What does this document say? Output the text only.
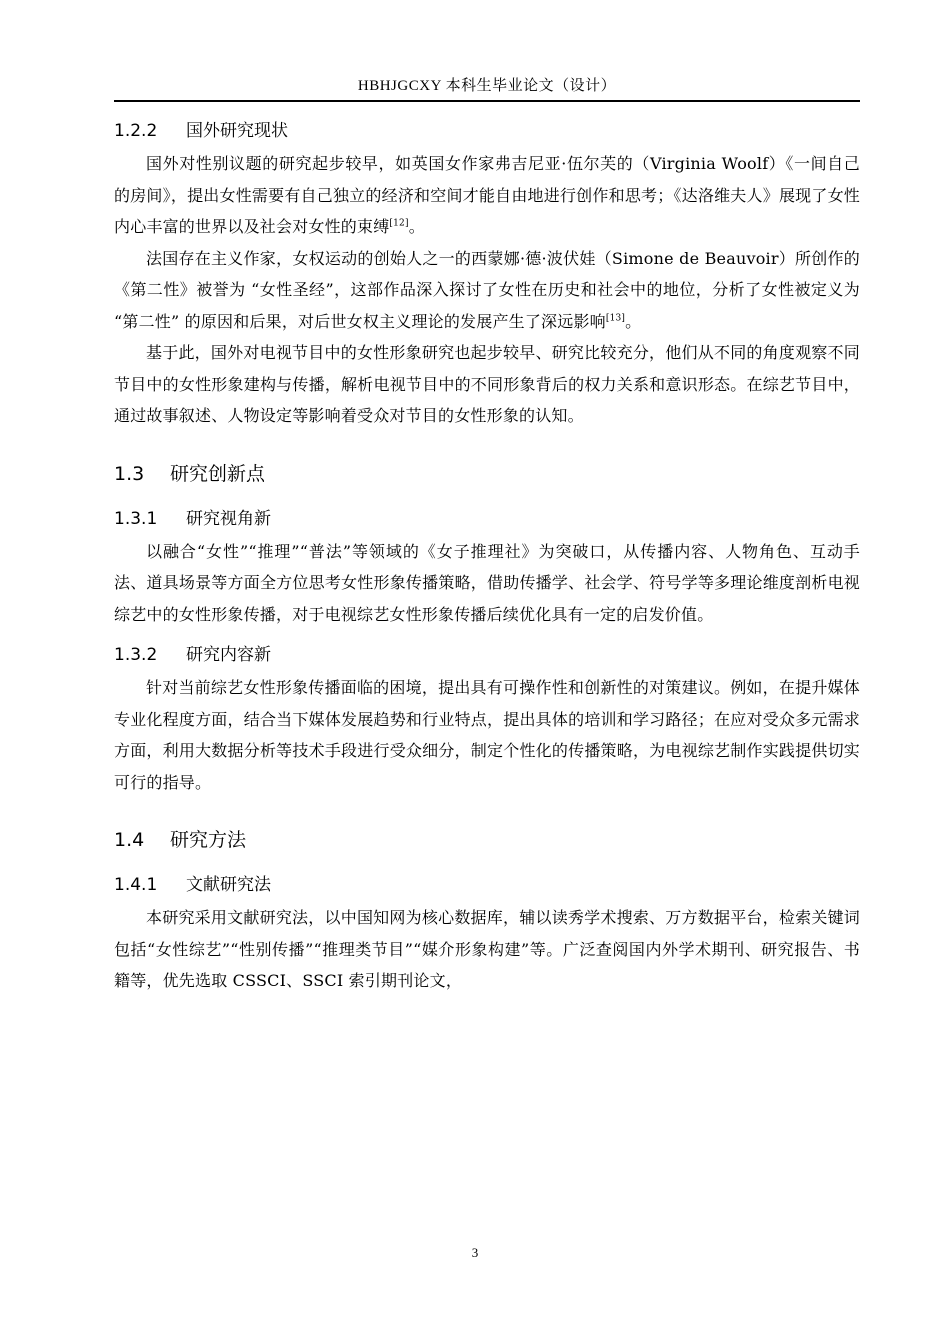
HBHJGCXY 本科生毕业论文（设计）
1.2.2 国外研究现状

国外对性别议题的研究起步较早，如英国女作家弗吉尼亚·伍尔芙的（Virginia Woolf）《一间自己的房间》，提出女性需要有自己独立的经济和空间才能自由地进行创作和思考；《达洛维夫人》展现了女性内心丰富的世界以及社会对女性的束缚[12]。

法国存在主义作家，女权运动的创始人之一的西蒙娜·德·波伏娃（Simone de Beauvoir）所创作的《第二性》被誉为 “女性圣经”，这部作品深入探讨了女性在历史和社会中的地位，分析了女性被定义为 “第二性” 的原因和后果，对后世女权主义理论的发展产生了深远影响[13]。

基于此，国外对电视节目中的女性形象研究也起步较早、研究比较充分，他们从不同的角度观察不同节目中的女性形象建构与传播，解析电视节目中的不同形象背后的权力关系和意识形态。在综艺节目中，通过故事叙述、人物设定等影响着受众对节目的女性形象的认知。

1.3 研究创新点
1.3.1 研究视角新

以融合“女性”“推理”“普法”等领域的《女子推理社》为突破口，从传播内容、人物角色、互动手法、道具场景等方面全方位思考女性形象传播策略，借助传播学、社会学、符号学等多理论维度剖析电视综艺中的女性形象传播，对于电视综艺女性形象传播后续优化具有一定的启发价值。

1.3.2 研究内容新

针对当前综艺女性形象传播面临的困境，提出具有可操作性和创新性的对策建议。例如，在提升媒体专业化程度方面，结合当下媒体发展趋势和行业特点，提出具体的培训和学习路径；在应对受众多元需求方面，利用大数据分析等技术手段进行受众细分，制定个性化的传播策略，为电视综艺制作实践提供切实可行的指导。

1.4 研究方法
1.4.1 文献研究法

本研究采用文献研究法，以中国知网为核心数据库，辅以读秀学术搜索、万方数据平台，检索关键词包括“女性综艺”“性别传播”“推理类节目”“媒介形象构建”等。广泛查阅国内外学术期刊、研究报告、书籍等，优先选取 CSSCI、SSCI 索引期刊论文，

3
